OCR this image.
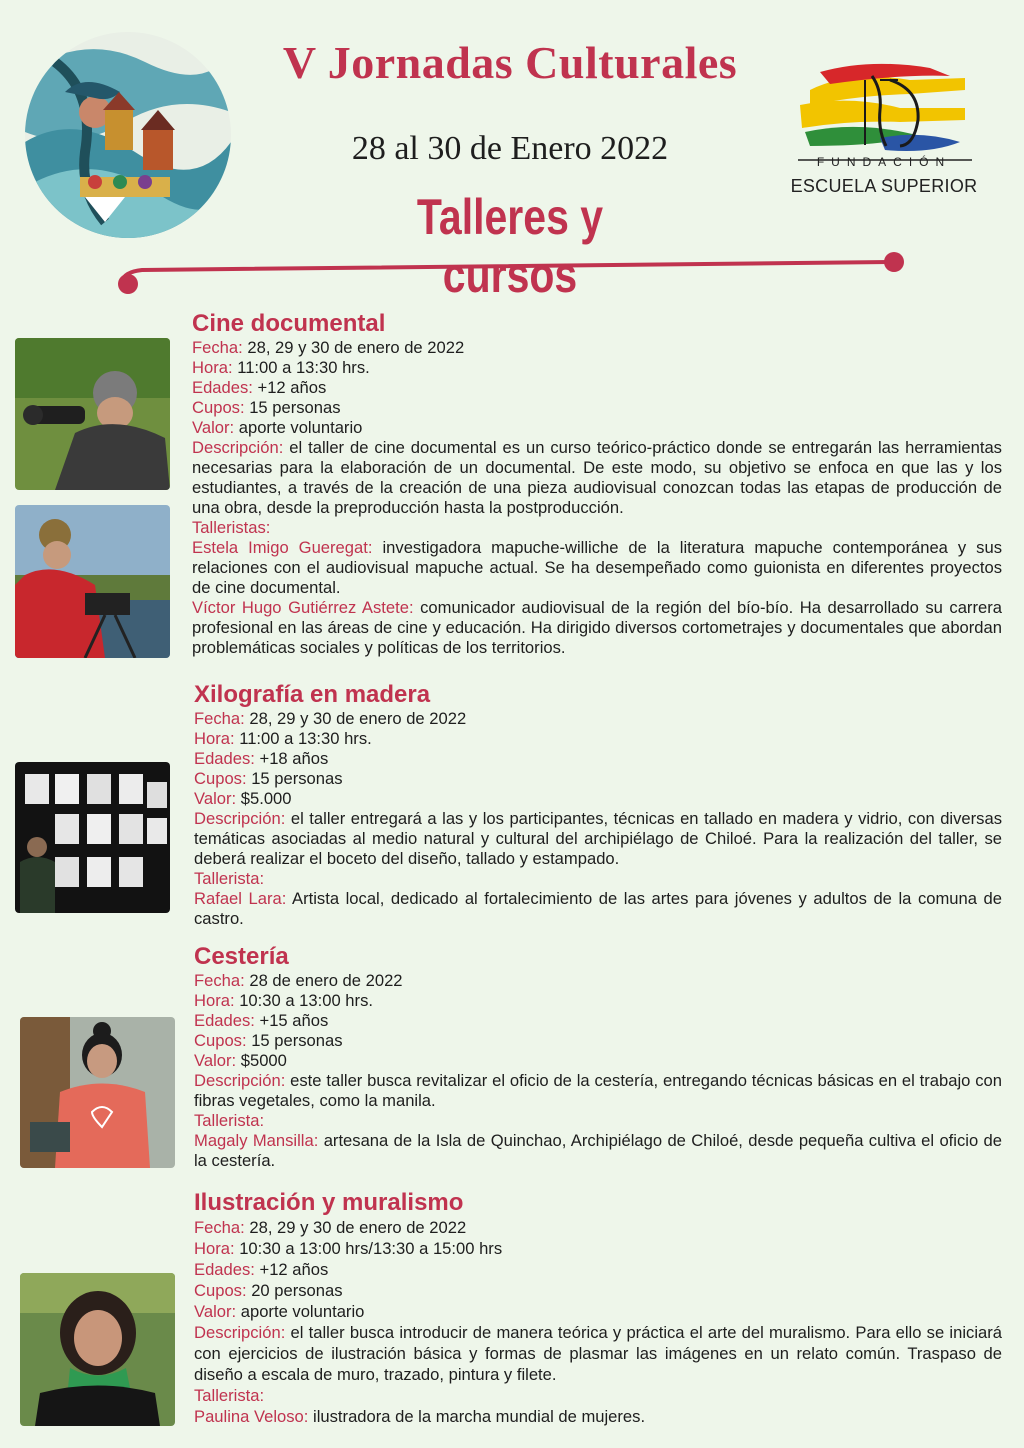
V Jornadas Culturales
28 al 30 de Enero 2022
Talleres y cursos
FUNDACIÓN
ESCUELA SUPERIOR
Cine documental
Fecha: 28, 29 y 30 de enero de 2022
Hora: 11:00 a 13:30 hrs.
Edades: +12 años
Cupos: 15 personas
Valor: aporte voluntario
Descripción: el taller de cine documental es un curso teórico-práctico donde se entregarán las herramientas necesarias para la elaboración de un documental. De este modo, su objetivo se enfoca en que las y los estudiantes, a través de la creación de una pieza audiovisual conozcan todas las etapas de producción de una obra, desde la preproducción hasta la postproducción.
Talleristas:
Estela Imigo Gueregat: investigadora mapuche-williche de la literatura mapuche contemporánea y sus relaciones con el audiovisual mapuche actual. Se ha desempeñado como guionista en diferentes proyectos de cine documental.
Víctor Hugo Gutiérrez Astete: comunicador audiovisual de la región del bío-bío. Ha desarrollado su carrera profesional en las áreas de cine y educación. Ha dirigido diversos cortometrajes y documentales que abordan problemáticas sociales y políticas de los territorios.
Xilografía en madera
Fecha: 28, 29 y 30 de enero de 2022
Hora: 11:00 a 13:30 hrs.
Edades: +18 años
Cupos: 15 personas
Valor: $5.000
Descripción: el taller entregará a las y los participantes, técnicas en tallado en madera y vidrio, con diversas temáticas asociadas al medio natural y cultural del archipiélago de Chiloé. Para la realización del taller, se deberá realizar el boceto del diseño, tallado y estampado.
Tallerista:
Rafael Lara: Artista local, dedicado al fortalecimiento de las artes para jóvenes y adultos de la comuna de castro.
Cestería
Fecha: 28 de enero de 2022
Hora: 10:30 a 13:00 hrs.
Edades: +15 años
Cupos: 15 personas
Valor: $5000
Descripción: este taller busca revitalizar el oficio de la cestería, entregando técnicas básicas en el trabajo con fibras vegetales, como la manila.
Tallerista:
Magaly Mansilla: artesana de la Isla de Quinchao, Archipiélago de Chiloé, desde pequeña cultiva el oficio de la cestería.
Ilustración y muralismo
Fecha: 28, 29 y 30 de enero de 2022
Hora: 10:30 a 13:00 hrs/13:30 a 15:00 hrs
Edades: +12 años
Cupos: 20 personas
Valor: aporte voluntario
Descripción: el taller busca introducir de manera teórica y práctica el arte del muralismo. Para ello se iniciará con ejercicios de ilustración básica y formas de plasmar las imágenes en un relato común. Traspaso de diseño a escala de muro, trazado, pintura y filete.
Tallerista:
Paulina Veloso: ilustradora de la marcha mundial de mujeres.
